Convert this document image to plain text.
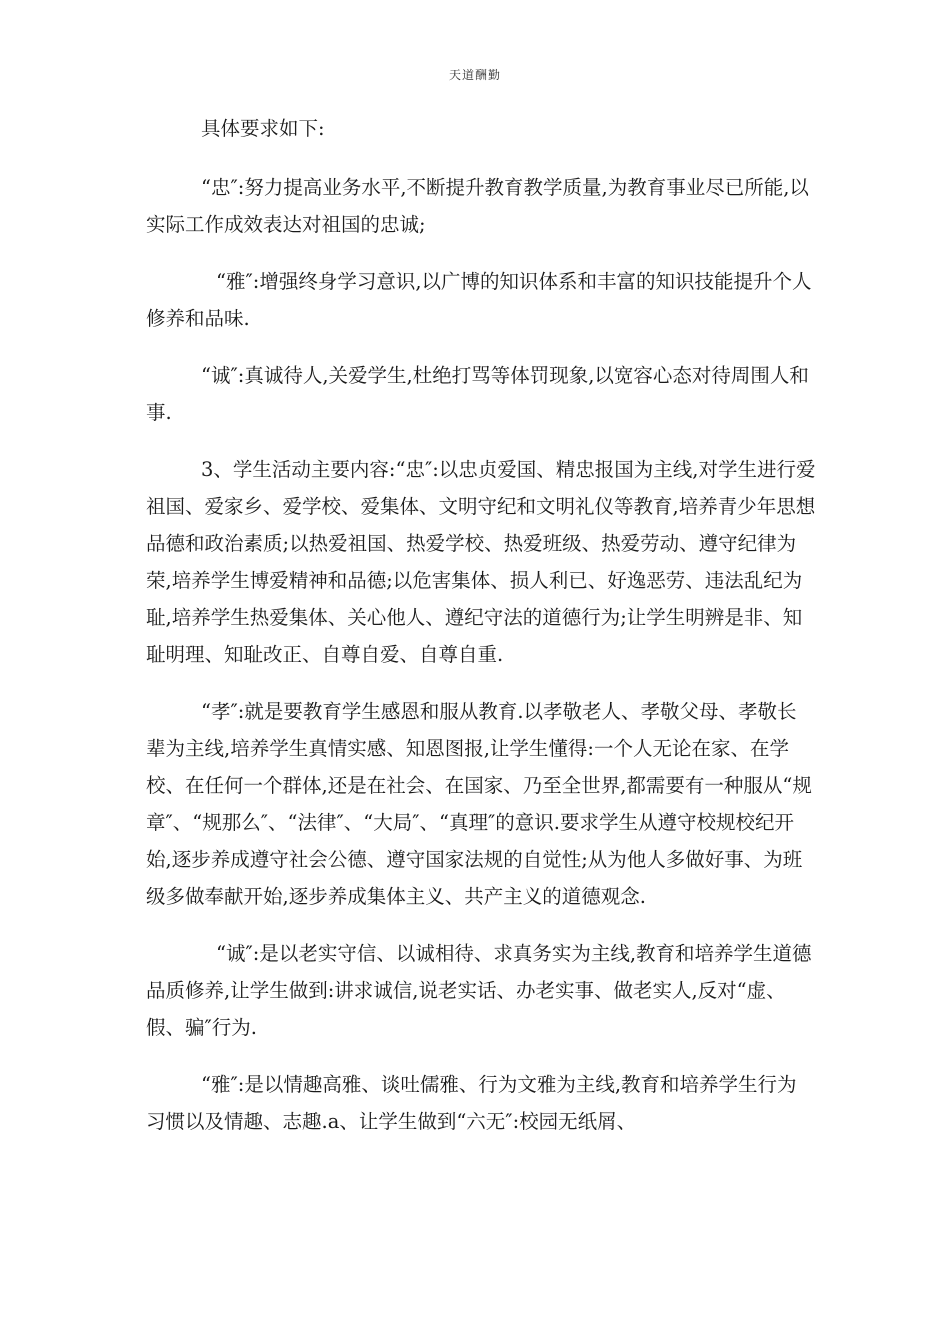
天道酬勤

具体要求如下:

“忠″:努力提高业务水平,不断提升教育教学质量,为教育事业尽已所能,以实际工作成效表达对祖国的忠诚;

“雅″:增强终身学习意识,以广博的知识体系和丰富的知识技能提升个人修养和品味.

“诚″:真诚待人,关爱学生,杜绝打骂等体罚现象,以宽容心态对待周围人和事.

3、学生活动主要内容:“忠″:以忠贞爱国、精忠报国为主线,对学生进行爱祖国、爱家乡、爱学校、爱集体、文明守纪和文明礼仪等教育,培养青少年思想品德和政治素质;以热爱祖国、热爱学校、热爱班级、热爱劳动、遵守纪律为荣,培养学生博爱精神和品德;以危害集体、损人利已、好逸恶劳、违法乱纪为耻,培养学生热爱集体、关心他人、遵纪守法的道德行为;让学生明辨是非、知耻明理、知耻改正、自尊自爱、自尊自重.

“孝″:就是要教育学生感恩和服从教育.以孝敬老人、孝敬父母、孝敬长辈为主线,培养学生真情实感、知恩图报,让学生懂得:一个人无论在家、在学校、在任何一个群体,还是在社会、在国家、乃至全世界,都需要有一种服从“规章″、“规那么″、“法律″、“大局″、“真理″的意识.要求学生从遵守校规校纪开始,逐步养成遵守社会公德、遵守国家法规的自觉性;从为他人多做好事、为班级多做奉献开始,逐步养成集体主义、共产主义的道德观念.

“诚″:是以老实守信、以诚相待、求真务实为主线,教育和培养学生道德品质修养,让学生做到:讲求诚信,说老实话、办老实事、做老实人,反对“虚、假、骗″行为.

“雅″:是以情趣高雅、谈吐儒雅、行为文雅为主线,教育和培养学生行为习惯以及情趣、志趣.a、让学生做到“六无″:校园无纸屑、
